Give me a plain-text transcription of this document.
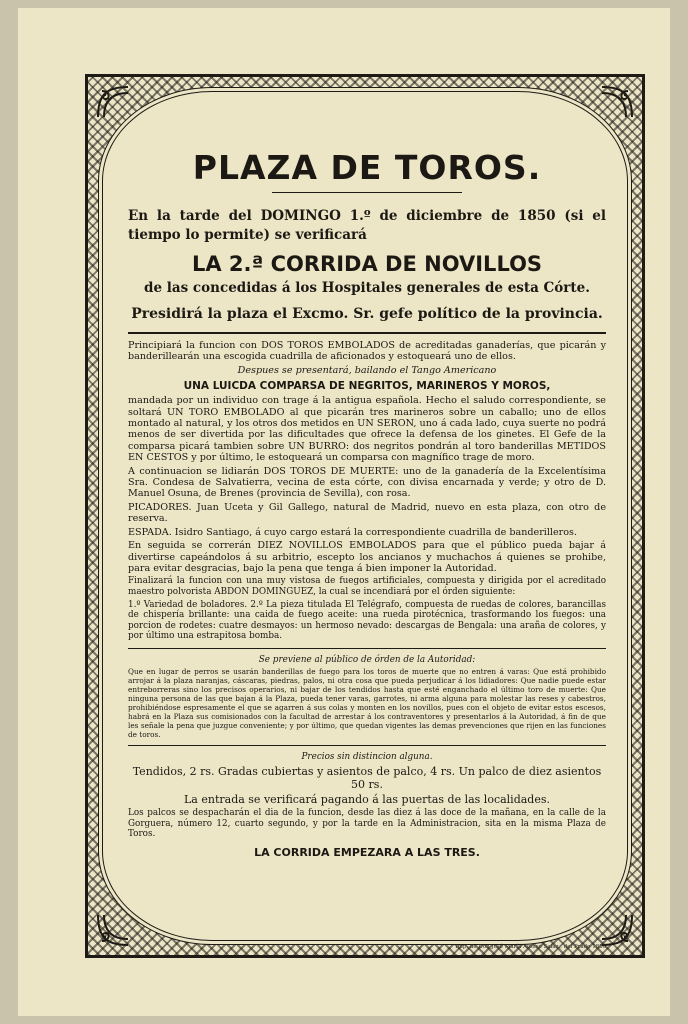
PLAZA DE TOROS.

En la tarde del DOMINGO 1.º de diciembre de 1850 (si el tiempo lo permite) se verificará

LA 2.ª CORRIDA DE NOVILLOS

de las concedidas á los Hospitales generales de esta Córte.

Presidirá la plaza el Excmo. Sr. gefe político de la provincia.

Principiará la funcion con DOS TOROS EMBOLADOS de acreditadas ganaderías, que picarán y banderillearán una escogida cuadrilla de aficionados y estoqueará uno de ellos.

Despues se presentará, bailando el Tango Americano

UNA LUICDA COMPARSA DE NEGRITOS, MARINEROS Y MOROS,

mandada por un individuo con trage á la antigua española. Hecho el saludo correspondiente, se soltará UN TORO EMBOLADO al que picarán tres marineros sobre un caballo; uno de ellos montado al natural, y los otros dos metidos en UN SERON, uno á cada lado, cuya suerte no podrá menos de ser divertida por las dificultades que ofrece la defensa de los ginetes. El Gefe de la comparsa picará tambien sobre UN BURRO: dos negritos pondrán al toro banderillas METIDOS EN CESTOS y por último, le estoqueará un comparsa con magnífico trage de moro.

A continuacion se lidiarán DOS TOROS DE MUERTE: uno de la ganadería de la Excelentísima Sra. Condesa de Salvatierra, vecina de esta córte, con divisa encarnada y verde; y otro de D. Manuel Osuna, de Brenes (provincia de Sevilla), con rosa.

PICADORES. Juan Uceta y Gil Gallego, natural de Madrid, nuevo en esta plaza, con otro de reserva.

ESPADA. Isidro Santiago, á cuyo cargo estará la correspondiente cuadrilla de banderilleros.

En seguida se correrán DIEZ NOVILLOS EMBOLADOS para que el público pueda bajar á divertirse capeándolos á su arbitrio, escepto los ancianos y muchachos á quienes se prohibe, para evitar desgracias, bajo la pena que tenga á bien imponer la Autoridad.

Finalizará la funcion con una muy vistosa de fuegos artificiales, compuesta y dirigida por el acreditado maestro polvorista ABDON DOMINGUEZ, la cual se incendiará por el órden siguiente:

1.º Variedad de boladores. 2.º La pieza titulada El Telégrafo, compuesta de ruedas de colores, barancillas de chispería brillante: una caida de fuego aceite: una rueda pirotécnica, trasformando los fuegos: una porcion de rodetes: cuatre desmayos: un hermoso nevado: descargas de Bengala: una araña de colores, y por último una estrapitosa bomba.

Se previene al público de órden de la Autoridad:

Que en lugar de perros se usarán banderillas de fuego para los toros de muerte que no entren á varas: Que está prohibido arrojar á la plaza naranjas, cáscaras, piedras, palos, ni otra cosa que pueda perjudicar á los lidiadores: Que nadie puede estar entreborreras sino los precisos operarios, ni bajar de los tendidos hasta que esté enganchado el último toro de muerte: Que ninguna persona de las que bajan á la Plaza, pueda tener varas, garrotes, ni arma alguna para molestar las reses y cabestros, prohibiéndose espresamente el que se agarren á sus colas y monten en los novillos, pues con el objeto de evitar estos escesos, habrá en la Plaza sus comisionados con la facultad de arrestar á los contraventores y presentarlos á la Autoridad, á fin de que les señale la pena que juzgue conveniente; y por último, que quedan vigentes las demas prevenciones que rijen en las funciones de toros.

Precios sin distincion alguna.

Tendidos, 2 rs. Gradas cubiertas y asientos de palco, 4 rs. Un palco de diez asientos 50 rs.
La entrada se verificará pagando á las puertas de las localidades.

Los palcos se despacharán el dia de la funcion, desde las diez á las doce de la mañana, en la calle de la Gorguera, número 12, cuarto segundo, y por la tarde en la Administracion, sita en la misma Plaza de Toros.

LA CORRIDA EMPEZARA A LAS TRES.
Imp. de Don José María Alonso Salaz., del Prado 1850.
